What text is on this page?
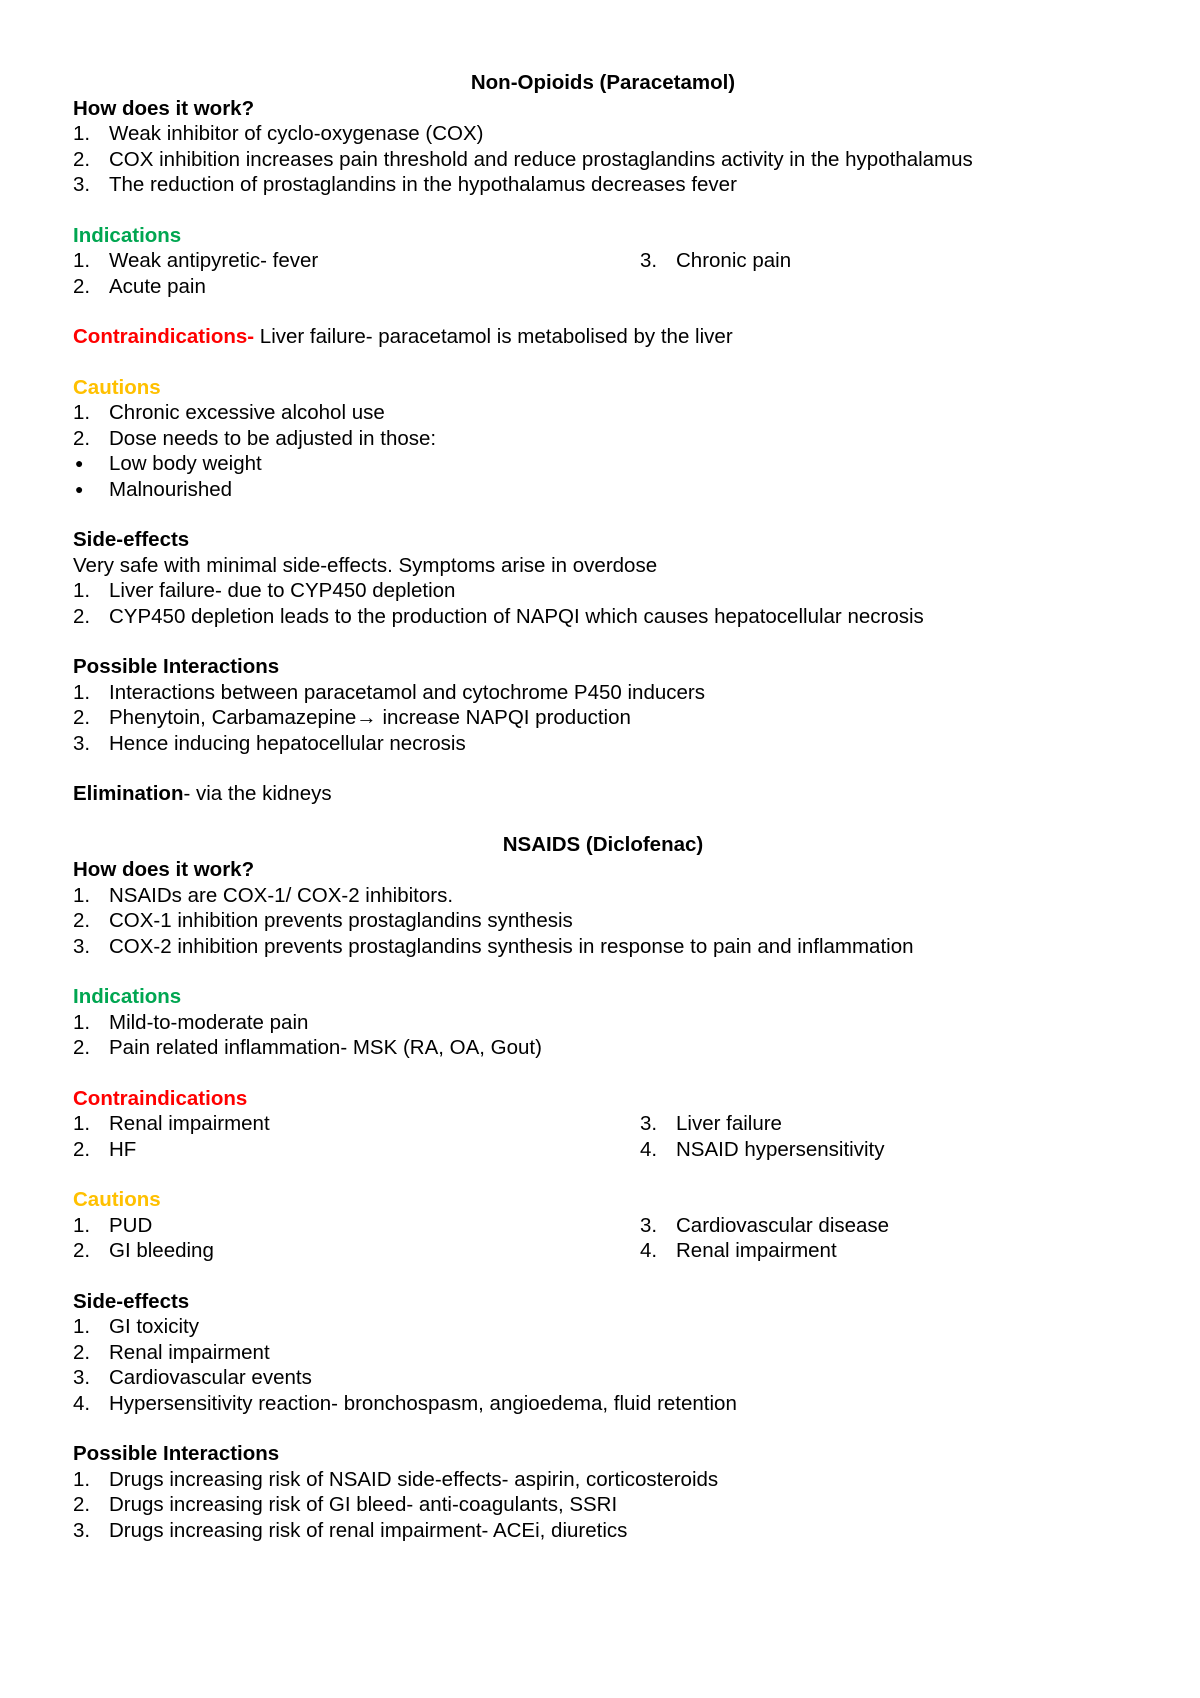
Non-Opioids (Paracetamol)
How does it work?
1. Weak inhibitor of cyclo-oxygenase (COX)
2. COX inhibition increases pain threshold and reduce prostaglandins activity in the hypothalamus
3. The reduction of prostaglandins in the hypothalamus decreases fever
Indications
1. Weak antipyretic- fever	3. Chronic pain
2. Acute pain
Contraindications- Liver failure- paracetamol is metabolised by the liver
Cautions
1. Chronic excessive alcohol use
2. Dose needs to be adjusted in those:
● Low body weight
● Malnourished
Side-effects
Very safe with minimal side-effects. Symptoms arise in overdose
1. Liver failure- due to CYP450 depletion
2. CYP450 depletion leads to the production of NAPQI which causes hepatocellular necrosis
Possible Interactions
1. Interactions between paracetamol and cytochrome P450 inducers
2. Phenytoin, Carbamazepine→ increase NAPQI production
3. Hence inducing hepatocellular necrosis
Elimination- via the kidneys
NSAIDS (Diclofenac)
How does it work?
1. NSAIDs are COX-1/ COX-2 inhibitors.
2. COX-1 inhibition prevents prostaglandins synthesis
3. COX-2 inhibition prevents prostaglandins synthesis in response to pain and inflammation
Indications
1. Mild-to-moderate pain
2. Pain related inflammation- MSK (RA, OA, Gout)
Contraindications
1. Renal impairment	3. Liver failure
2. HF	4. NSAID hypersensitivity
Cautions
1. PUD	3. Cardiovascular disease
2. GI bleeding	4. Renal impairment
Side-effects
1. GI toxicity
2. Renal impairment
3. Cardiovascular events
4. Hypersensitivity reaction- bronchospasm, angioedema, fluid retention
Possible Interactions
1. Drugs increasing risk of NSAID side-effects- aspirin, corticosteroids
2. Drugs increasing risk of GI bleed- anti-coagulants, SSRI
3. Drugs increasing risk of renal impairment- ACEi, diuretics
